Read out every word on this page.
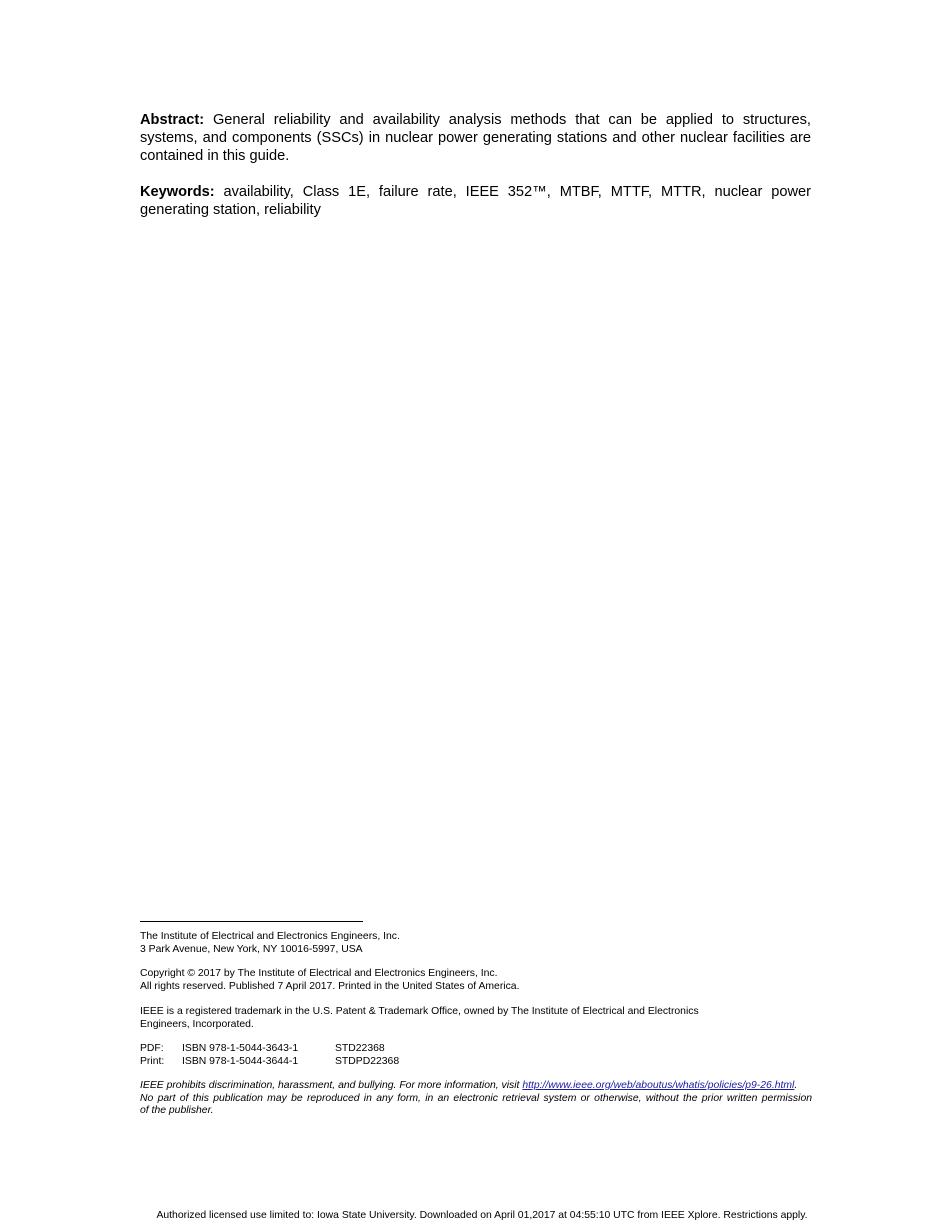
Abstract: General reliability and availability analysis methods that can be applied to structures, systems, and components (SSCs) in nuclear power generating stations and other nuclear facilities are contained in this guide.
Keywords: availability, Class 1E, failure rate, IEEE 352™, MTBF, MTTF, MTTR, nuclear power generating station, reliability
The Institute of Electrical and Electronics Engineers, Inc.
3 Park Avenue, New York, NY 10016-5997, USA
Copyright © 2017 by The Institute of Electrical and Electronics Engineers, Inc.
All rights reserved. Published 7 April 2017. Printed in the United States of America.
IEEE is a registered trademark in the U.S. Patent & Trademark Office, owned by The Institute of Electrical and Electronics
Engineers, Incorporated.
PDF: ISBN 978-1-5044-3643-1	STD22368
Print: ISBN 978-1-5044-3644-1	STDPD22368
IEEE prohibits discrimination, harassment, and bullying. For more information, visit http://www.ieee.org/web/aboutus/whatis/policies/p9-26.html.
No part of this publication may be reproduced in any form, in an electronic retrieval system or otherwise, without the prior written permission
of the publisher.
Authorized licensed use limited to: Iowa State University. Downloaded on April 01,2017 at 04:55:10 UTC from IEEE Xplore. Restrictions apply.
